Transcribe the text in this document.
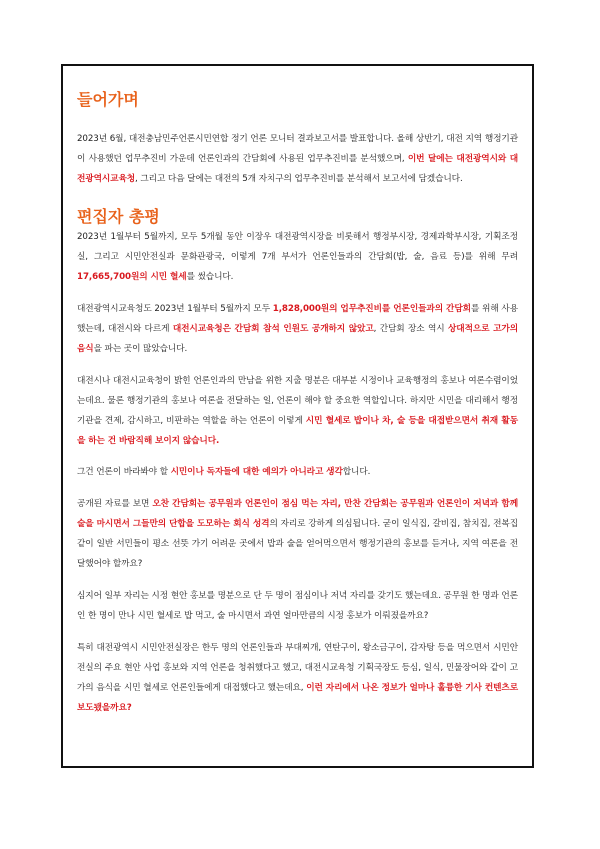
들어가며

2023년 6월, 대전충남민주언론시민연합 정기 언론 모니터 결과보고서를 발표합니다. 올해 상반기, 대전 지역 행정기관이 사용했던 업무추진비 가운데 언론인과의 간담회에 사용된 업무추진비를 분석했으며, 이번 달에는 대전광역시와 대전광역시교육청, 그리고 다음 달에는 대전의 5개 자치구의 업무추진비를 분석해서 보고서에 담겠습니다.

편집자 총평

2023년 1월부터 5월까지, 모두 5개월 동안 이장우 대전광역시장을 비롯해서 행정부시장, 경제과학부시장, 기획조정실, 그리고 시민안전실과 문화관광국, 이렇게 7개 부서가 언론인들과의 간담회(밥, 술, 음료 등)를 위해 무려 17,665,700원의 시민 혈세를 썼습니다.

대전광역시교육청도 2023년 1월부터 5월까지 모두 1,828,000원의 업무추진비를 언론인들과의 간담회를 위해 사용했는데, 대전시와 다르게 대전시교육청은 간담회 참석 인원도 공개하지 않았고, 간담회 장소 역시 상대적으로 고가의 음식을 파는 곳이 많았습니다.

대전시나 대전시교육청이 밝힌 언론인과의 만남을 위한 지출 명분은 대부분 시정이나 교육행정의 홍보나 여론수렴이었는데요. 물론 행정기관의 홍보나 여론을 전달하는 일, 언론이 해야 할 중요한 역할입니다. 하지만 시민을 대리해서 행정기관을 견제, 감시하고, 비판하는 역할을 하는 언론이 이렇게 시민 혈세로 밥이나 차, 술 등을 대접받으면서 취재 활동을 하는 건 바람직해 보이지 않습니다.

그건 언론이 바라봐야 할 시민이나 독자들에 대한 예의가 아니라고 생각합니다.

공개된 자료를 보면 오찬 간담회는 공무원과 언론인이 점심 먹는 자리, 만찬 간담회는 공무원과 언론인이 저녁과 함께 술을 마시면서 그들만의 단합을 도모하는 회식 성격의 자리로 강하게 의심됩니다. 굳이 일식집, 갈비집, 참치집, 전복집 같이 일반 서민들이 평소 선뜻 가기 어려운 곳에서 밥과 술을 얻어먹으면서 행정기관의 홍보를 듣거나, 지역 여론을 전달했어야 할까요?

심지어 일부 자리는 시정 현안 홍보를 명분으로 단 두 명이 점심이나 저녁 자리를 갖기도 했는데요. 공무원 한 명과 언론인 한 명이 만나 시민 혈세로 밥 먹고, 술 마시면서 과연 얼마만큼의 시정 홍보가 이뤄졌을까요?

특히 대전광역시 시민안전실장은 한두 명의 언론인들과 부대찌개, 연탄구이, 왕소금구이, 감자탕 등을 먹으면서 시민안전실의 주요 현안 사업 홍보와 지역 언론을 청취했다고 했고, 대전시교육청 기획국장도 등심, 일식, 민물장어와 같이 고가의 음식을 시민 혈세로 언론인들에게 대접했다고 했는데요, 이런 자리에서 나온 정보가 얼마나 훌륭한 기사 컨텐츠로 보도됐을까요?
